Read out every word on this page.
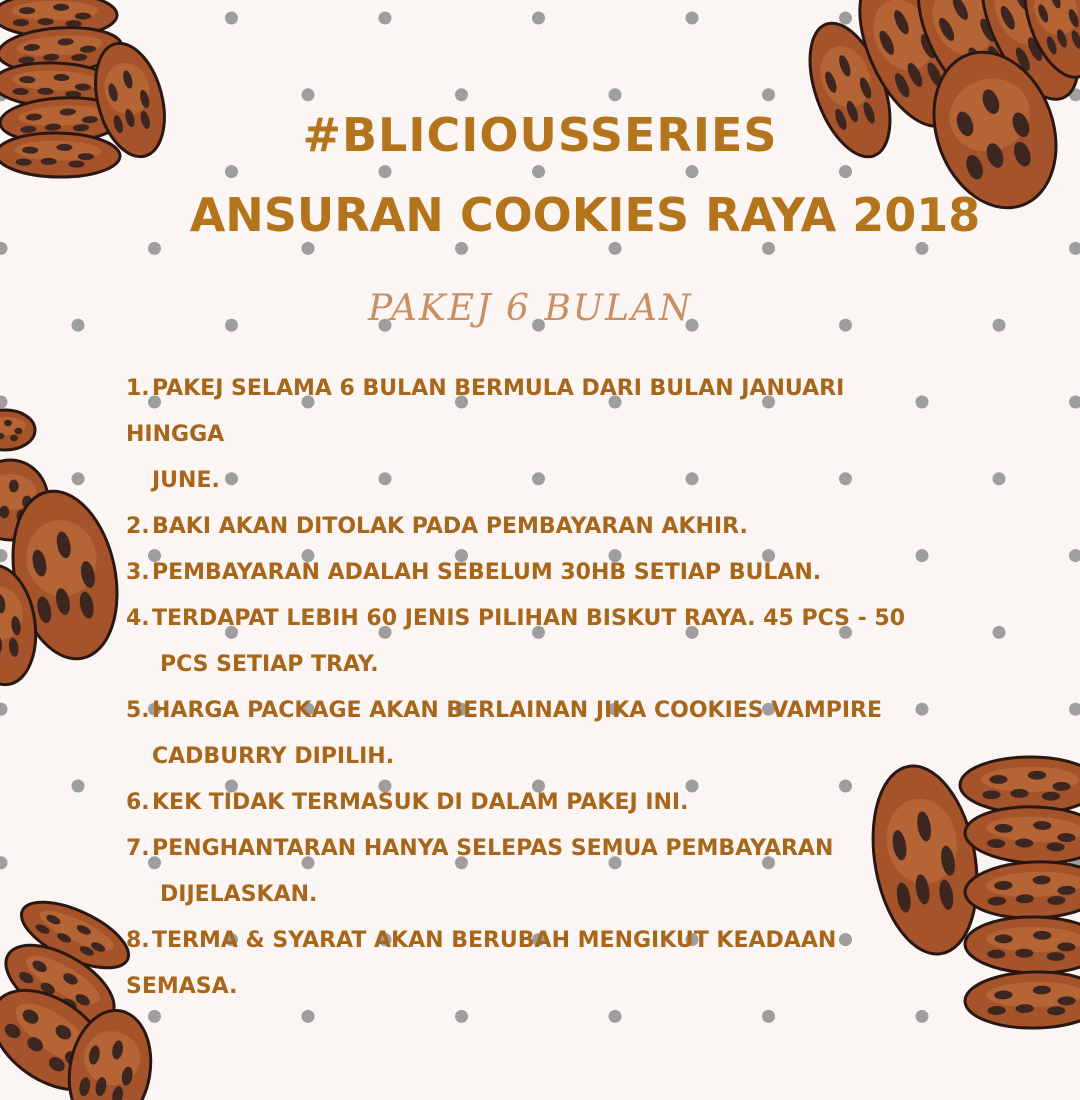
#BLICIOUSSERIES
ANSURAN COOKIES RAYA 2018
PAKEJ 6 BULAN
1. PAKEJ SELAMA 6 BULAN BERMULA DARI BULAN JANUARI HINGGA
JUNE.
2. BAKI AKAN DITOLAK PADA PEMBAYARAN AKHIR.
3. PEMBAYARAN ADALAH SEBELUM 30HB SETIAP BULAN.
4. TERDAPAT LEBIH 60 JENIS PILIHAN BISKUT RAYA. 45 PCS - 50
PCS SETIAP TRAY.
5. HARGA PACKAGE AKAN BERLAINAN JIKA COOKIES VAMPIRE
CADBURRY DIPILIH.
6. KEK TIDAK TERMASUK DI DALAM PAKEJ INI.
7. PENGHANTARAN HANYA SELEPAS SEMUA PEMBAYARAN
DIJELASKAN.
8. TERMA & SYARAT AKAN BERUBAH MENGIKUT KEADAAN SEMASA.
